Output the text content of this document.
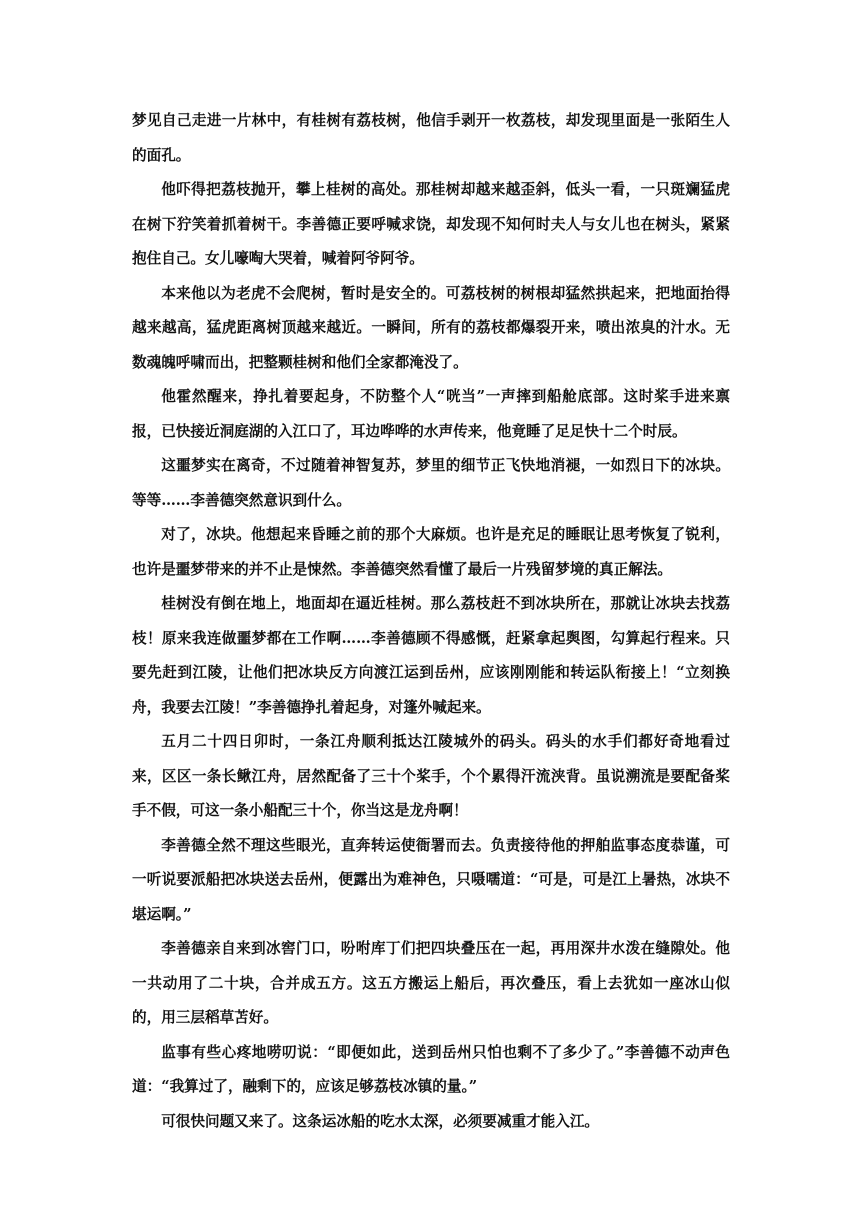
梦见自己走进一片林中，有桂树有荔枝树，他信手剥开一枚荔枝，却发现里面是一张陌生人的面孔。

他吓得把荔枝抛开，攀上桂树的高处。那桂树却越来越歪斜，低头一看，一只斑斓猛虎在树下狞笑着抓着树干。李善德正要呼喊求饶，却发现不知何时夫人与女儿也在树头，紧紧抱住自己。女儿嚎啕大哭着，喊着阿爷阿爷。

本来他以为老虎不会爬树，暂时是安全的。可荔枝树的树根却猛然拱起来，把地面抬得越来越高，猛虎距离树顶越来越近。一瞬间，所有的荔枝都爆裂开来，喷出浓臭的汁水。无数魂魄呼啸而出，把整颗桂树和他们全家都淹没了。

他霍然醒来，挣扎着要起身，不防整个人“咣当”一声摔到船舱底部。这时桨手进来禀报，已快接近洞庭湖的入江口了，耳边哗哗的水声传来，他竟睡了足足快十二个时辰。

这噩梦实在离奇，不过随着神智复苏，梦里的细节正飞快地消褪，一如烈日下的冰块。等等……李善德突然意识到什么。

对了，冰块。他想起来昏睡之前的那个大麻烦。也许是充足的睡眠让思考恢复了锐利，也许是噩梦带来的并不止是悚然。李善德突然看懂了最后一片残留梦境的真正解法。

桂树没有倒在地上，地面却在逼近桂树。那么荔枝赶不到冰块所在，那就让冰块去找荔枝！原来我连做噩梦都在工作啊……李善德顾不得感慨，赶紧拿起舆图，勾算起行程来。只要先赶到江陵，让他们把冰块反方向渡江运到岳州，应该刚刚能和转运队衔接上！“立刻换舟，我要去江陵！”李善德挣扎着起身，对篷外喊起来。

五月二十四日卯时，一条江舟顺利抵达江陵城外的码头。码头的水手们都好奇地看过来，区区一条长鳅江舟，居然配备了三十个桨手，个个累得汗流浃背。虽说溯流是要配备桨手不假，可这一条小船配三十个，你当这是龙舟啊！

李善德全然不理这些眼光，直奔转运使衙署而去。负责接待他的押舶监事态度恭谨，可一听说要派船把冰块送去岳州，便露出为难神色，只嗫嚅道：“可是，可是江上暑热，冰块不堪运啊。”

李善德亲自来到冰窖门口，吩咐库丁们把四块叠压在一起，再用深井水泼在缝隙处。他一共动用了二十块，合并成五方。这五方搬运上船后，再次叠压，看上去犹如一座冰山似的，用三层稻草苫好。

监事有些心疼地唠叨说：“即便如此，送到岳州只怕也剩不了多少了。”李善德不动声色道：“我算过了，融剩下的，应该足够荔枝冰镇的量。”

可很快问题又来了。这条运冰船的吃水太深，必须要减重才能入江。
